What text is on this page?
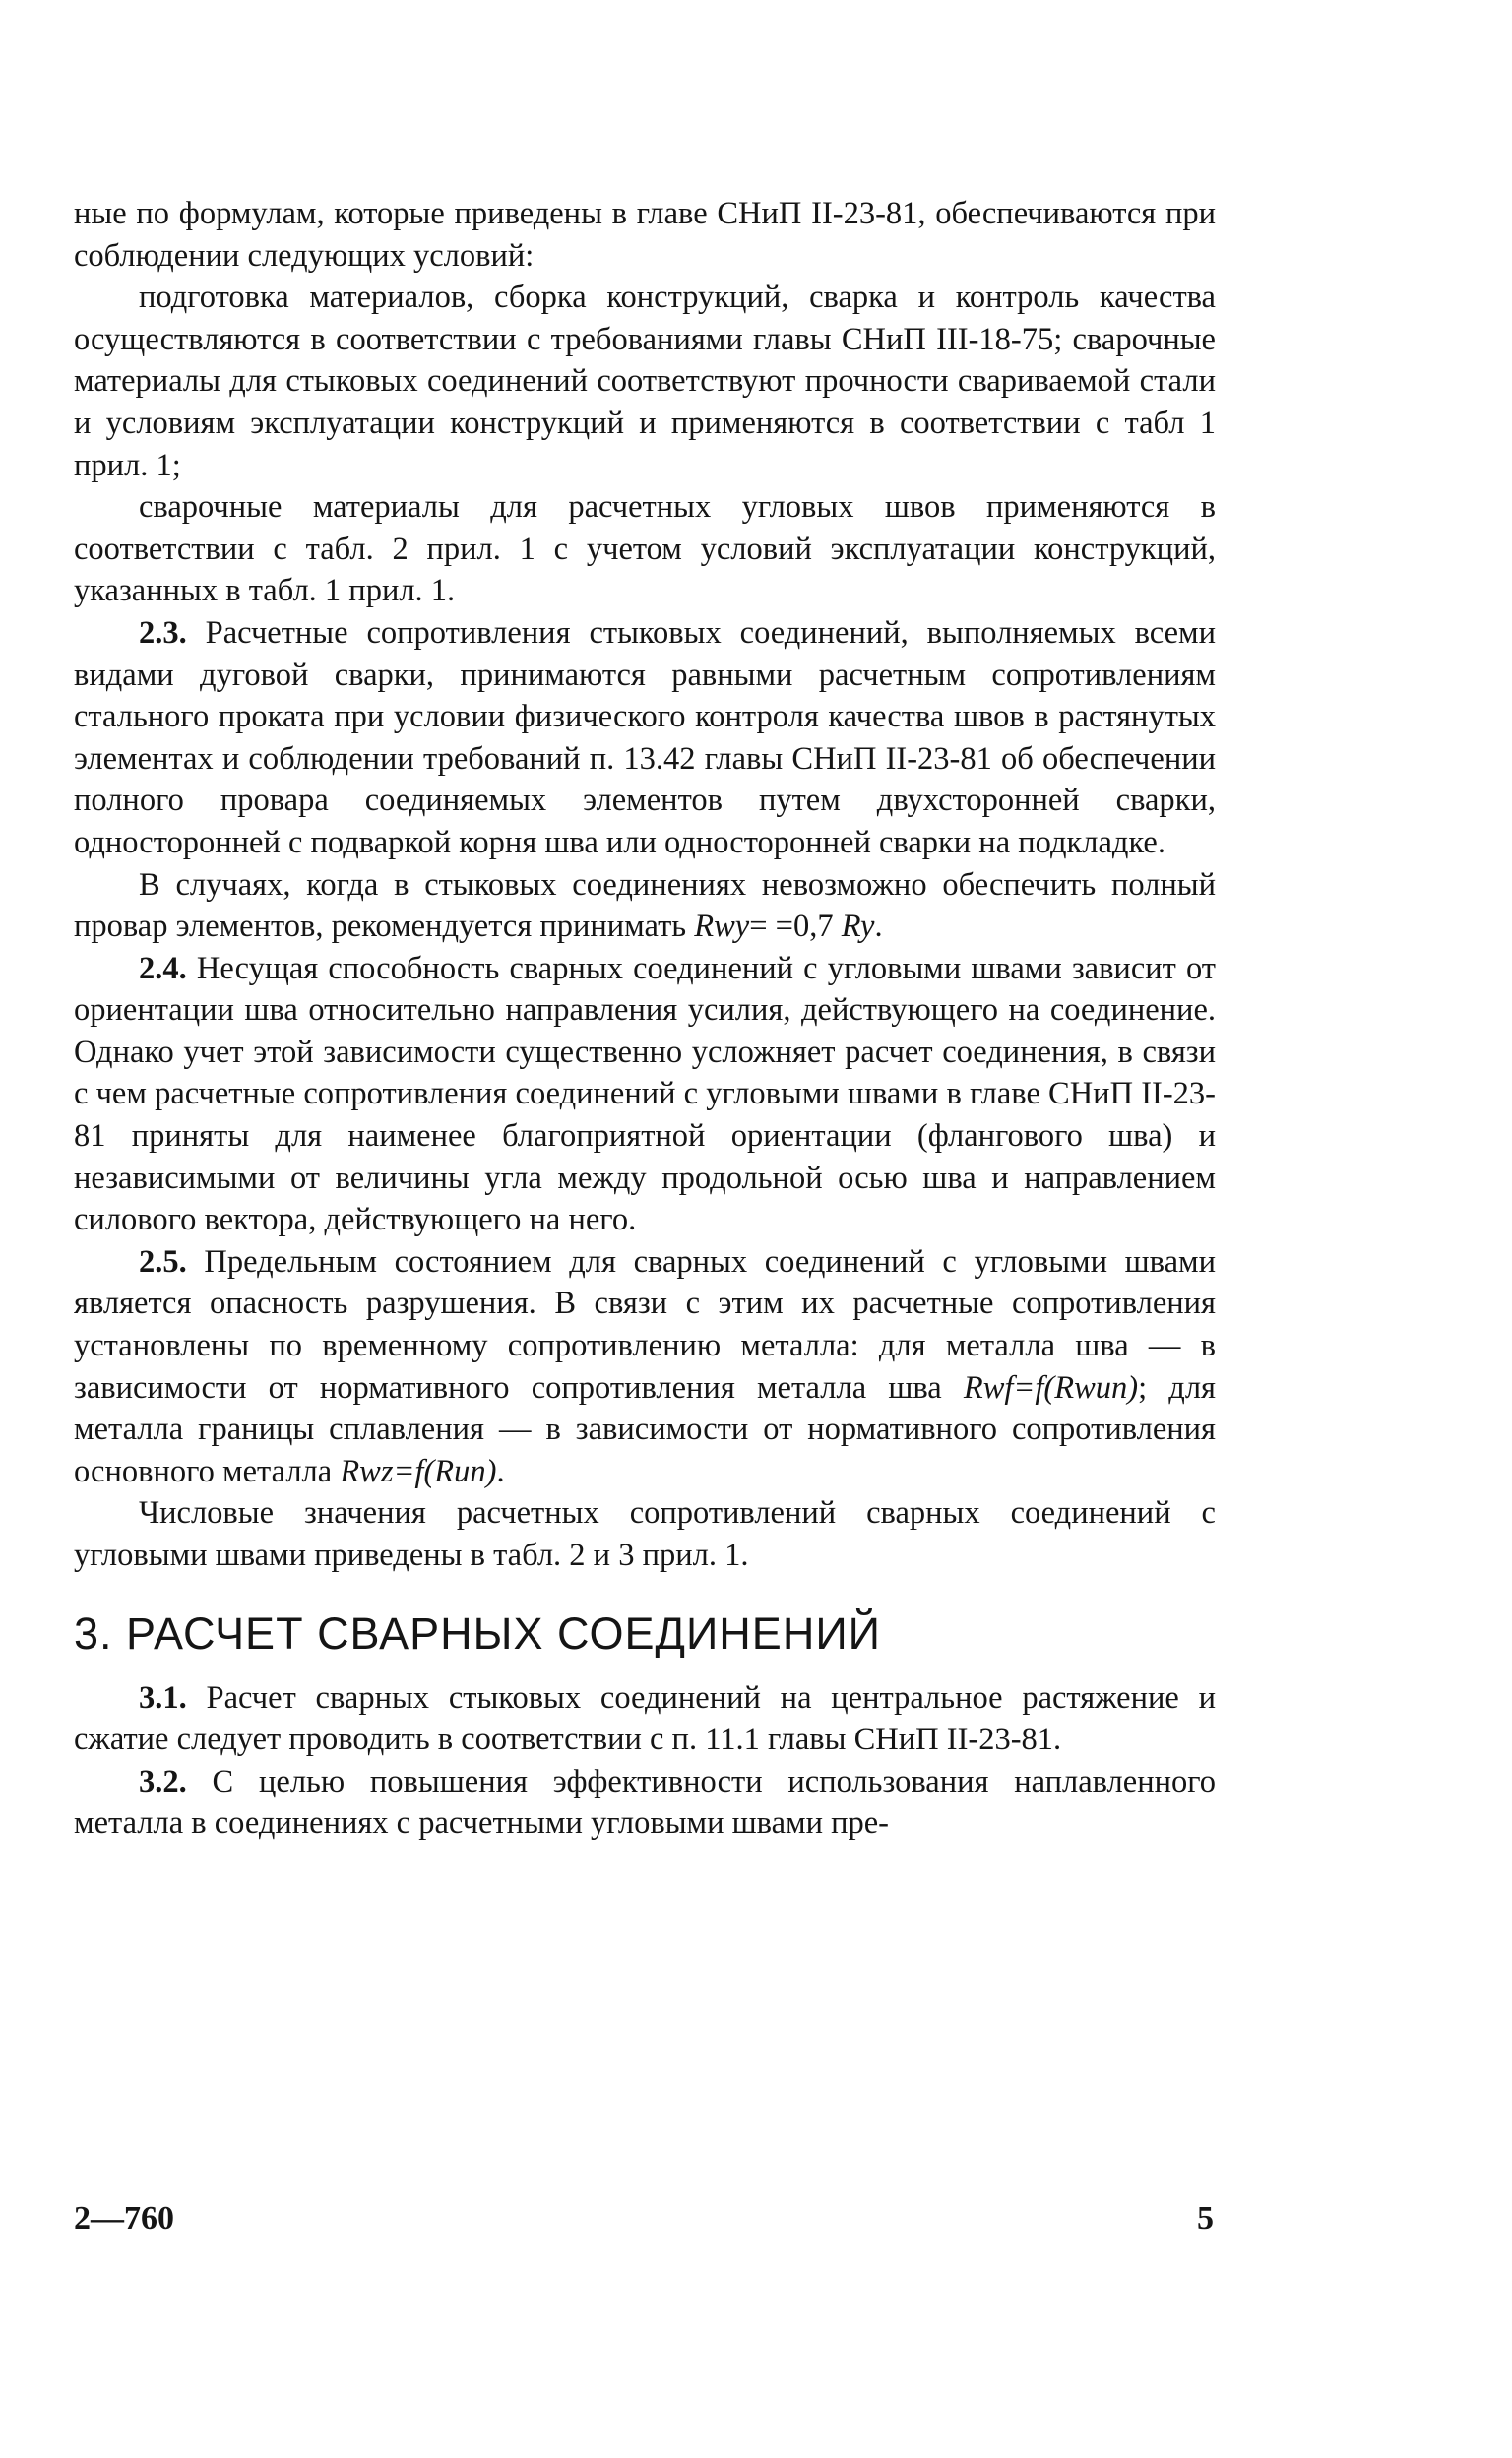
ные по формулам, которые приведены в главе СНиП II-23-81, обеспечиваются при соблюдении следующих условий:

подготовка материалов, сборка конструкций, сварка и контроль качества осуществляются в соответствии с требованиями главы СНиП III-18-75; сварочные материалы для стыковых соединений соответствуют прочности свариваемой стали и условиям эксплуатации конструкций и применяются в соответствии с табл 1 прил. 1;

сварочные материалы для расчетных угловых швов применяются в соответствии с табл. 2 прил. 1 с учетом условий эксплуатации конструкций, указанных в табл. 1 прил. 1.

2.3. Расчетные сопротивления стыковых соединений, выполняемых всеми видами дуговой сварки, принимаются равными расчетным сопротивлениям стального проката при условии физического контроля качества швов в растянутых элементах и соблюдении требований п. 13.42 главы СНиП II-23-81 об обеспечении полного провара соединяемых элементов путем двухсторонней сварки, односторонней с подваркой корня шва или односторонней сварки на подкладке.

В случаях, когда в стыковых соединениях невозможно обеспечить полный провар элементов, рекомендуется принимать Rwy= =0,7 Ry.

2.4. Несущая способность сварных соединений с угловыми швами зависит от ориентации шва относительно направления усилия, действующего на соединение. Однако учет этой зависимости существенно усложняет расчет соединения, в связи с чем расчетные сопротивления соединений с угловыми швами в главе СНиП II-23-81 приняты для наименее благоприятной ориентации (флангового шва) и независимыми от величины угла между продольной осью шва и направлением силового вектора, действующего на него.

2.5. Предельным состоянием для сварных соединений с угловыми швами является опасность разрушения. В связи с этим их расчетные сопротивления установлены по временному сопротивлению металла: для металла шва — в зависимости от нормативного сопротивления металла шва Rwf=f(Rwun); для металла границы сплавления — в зависимости от нормативного сопротивления основного металла Rwz=f(Run).

Числовые значения расчетных сопротивлений сварных соединений с угловыми швами приведены в табл. 2 и 3 прил. 1.

3. РАСЧЕТ СВАРНЫХ СОЕДИНЕНИЙ

3.1. Расчет сварных стыковых соединений на центральное растяжение и сжатие следует проводить в соответствии с п. 11.1 главы СНиП II-23-81.

3.2. С целью повышения эффективности использования наплавленного металла в соединениях с расчетными угловыми швами пре-

2—760	5
